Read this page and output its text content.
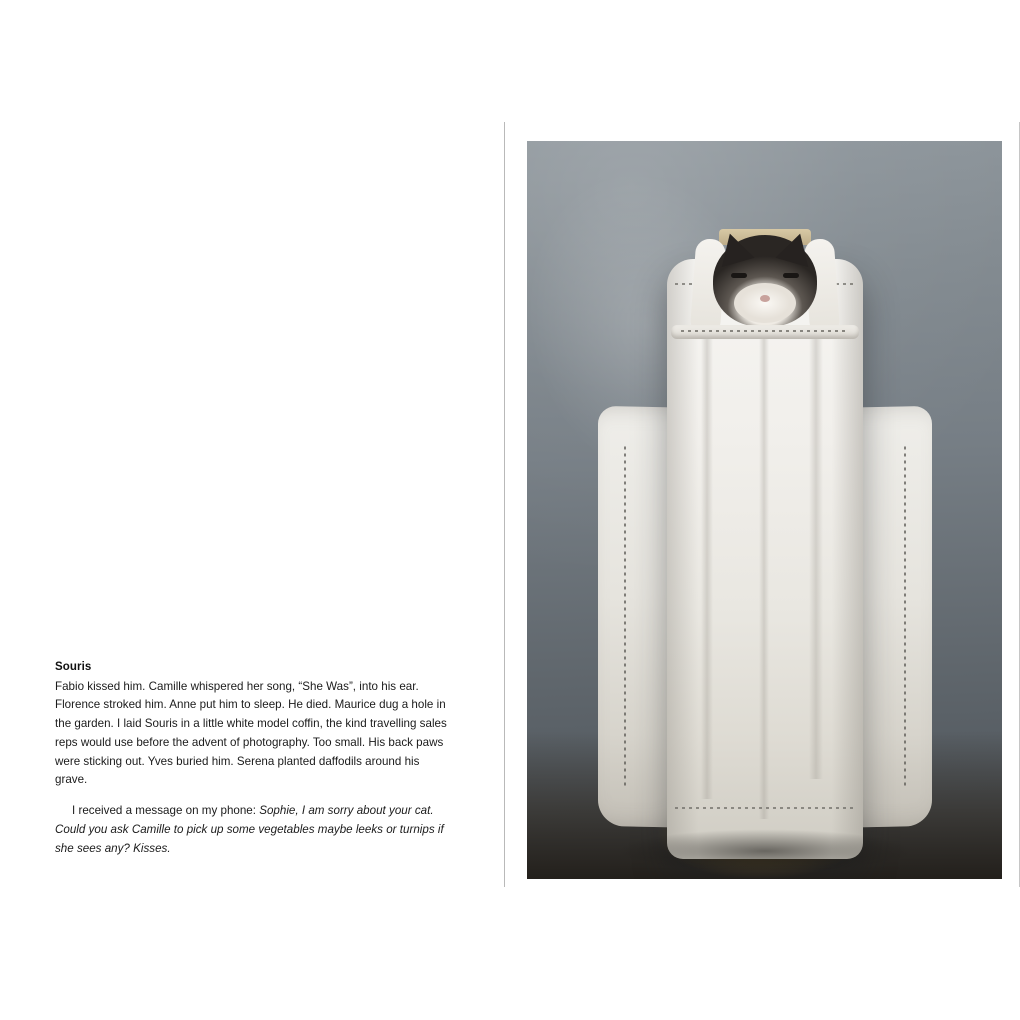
Souris

Fabio kissed him. Camille whispered her song, “She Was”, into his ear. Florence stroked him. Anne put him to sleep. He died. Maurice dug a hole in the garden. I laid Souris in a little white model coffin, the kind travelling sales reps would use before the advent of photography. Too small. His back paws were sticking out. Yves buried him. Serena planted daffodils around his grave.

I received a message on my phone: Sophie, I am sorry about your cat. Could you ask Camille to pick up some vegetables maybe leeks or turnips if she sees any? Kisses.
